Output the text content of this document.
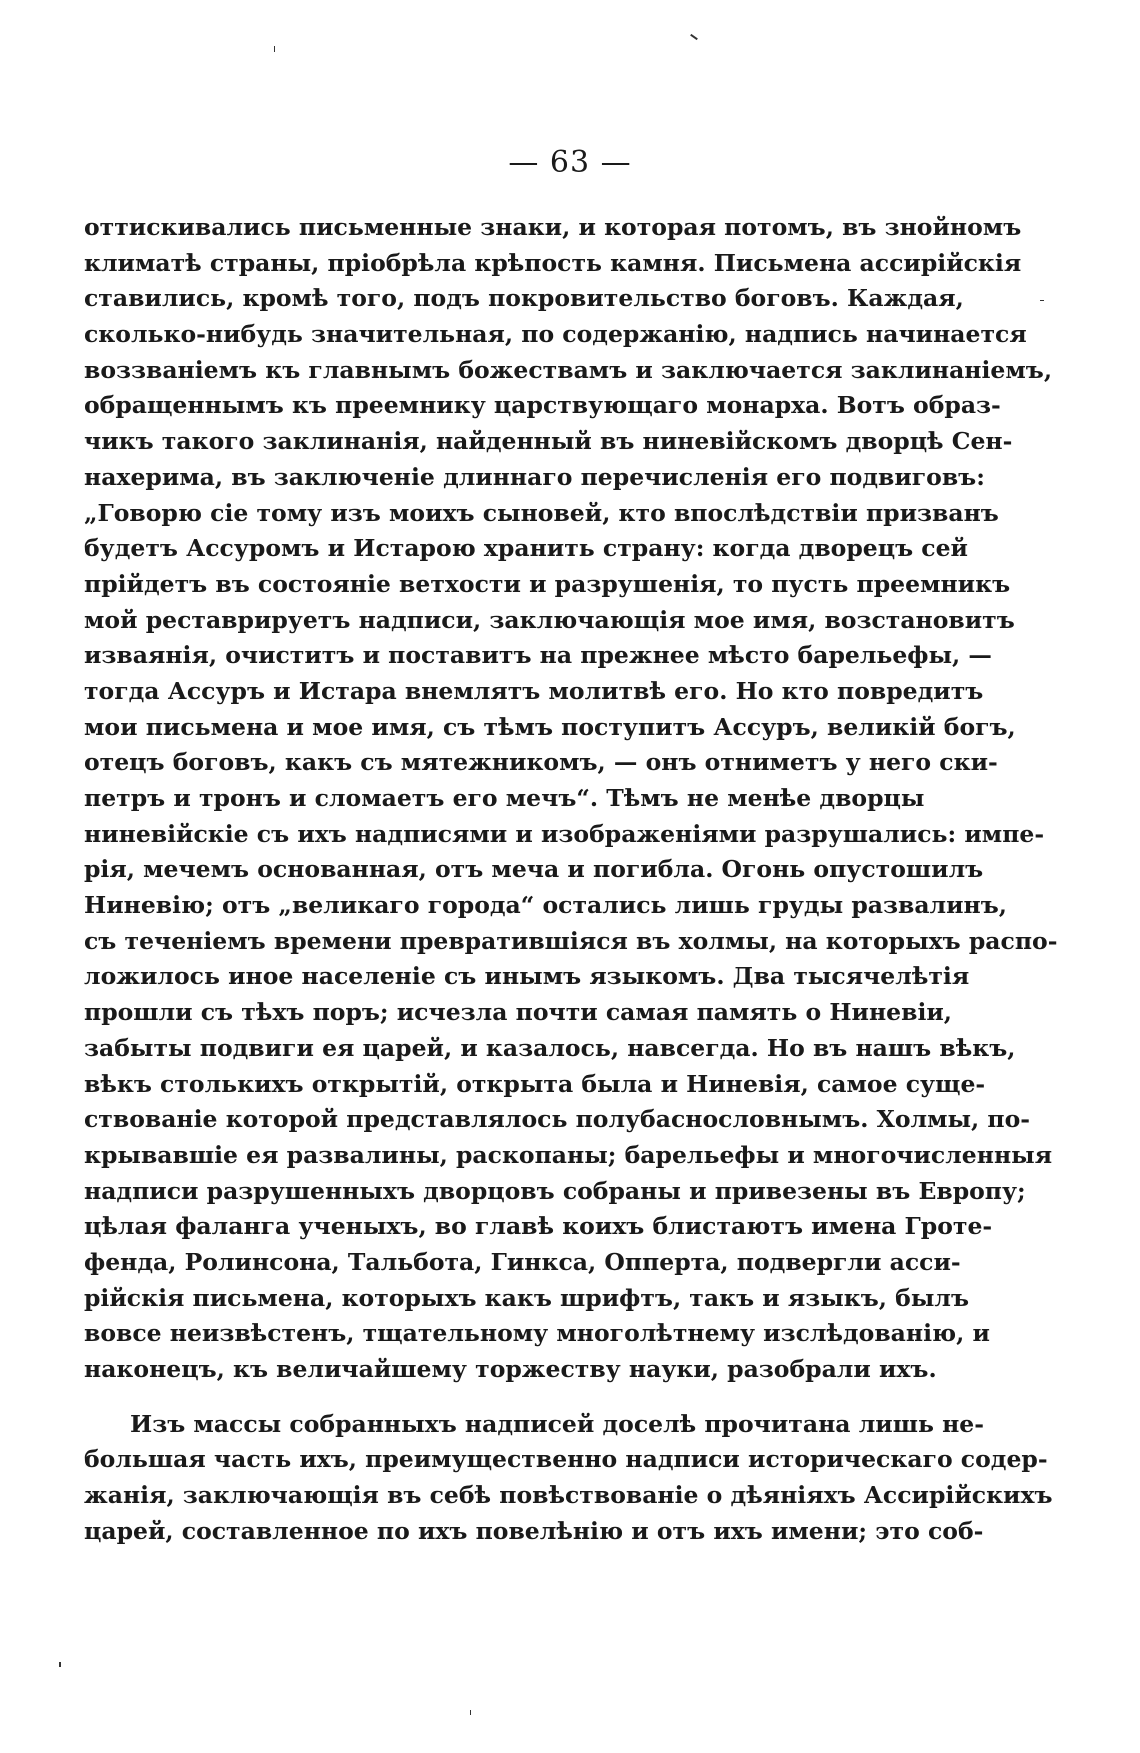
— 63 —
оттискивались письменные знаки, и которая потомъ, въ знойномъ
климатѣ страны, пріобрѣла крѣпость камня. Письмена ассирійскія
ставились, кромѣ того, подъ покровительство боговъ. Каждая,
сколько-нибудь значительная, по содержанію, надпись начинается
воззваніемъ къ главнымъ божествамъ и заключается заклинаніемъ,
обращеннымъ къ преемнику царствующаго монарха. Вотъ образ-
чикъ такого заклинанія, найденный въ ниневійскомъ дворцѣ Сен-
нахерима, въ заключеніе длиннаго перечисленія его подвиговъ:
„Говорю сіе тому изъ моихъ сыновей, кто впослѣдствіи призванъ
будетъ Ассуромъ и Истарою хранить страну: когда дворецъ сей
прійдетъ въ состояніе ветхости и разрушенія, то пусть преемникъ
мой реставрируетъ надписи, заключающія мое имя, возстановитъ
изваянія, очиститъ и поставитъ на прежнее мѣсто барельефы, —
тогда Ассуръ и Истара внемлятъ молитвѣ его. Но кто повредитъ
мои письмена и мое имя, съ тѣмъ поступитъ Ассуръ, великій богъ,
отецъ боговъ, какъ съ мятежникомъ, — онъ отниметъ у него ски-
петръ и тронъ и сломаетъ его мечъ“. Тѣмъ не менѣе дворцы
ниневійскіе съ ихъ надписями и изображеніями разрушались: импе-
рія, мечемъ основанная, отъ меча и погибла. Огонь опустошилъ
Ниневію; отъ „великаго города“ остались лишь груды развалинъ,
съ теченіемъ времени превратившіяся въ холмы, на которыхъ распо-
ложилось иное населеніе съ инымъ языкомъ. Два тысячелѣтія
прошли съ тѣхъ поръ; исчезла почти самая память о Ниневіи,
забыты подвиги ея царей, и казалось, навсегда. Но въ нашъ вѣкъ,
вѣкъ столькихъ открытій, открыта была и Ниневія, самое суще-
ствованіе которой представлялось полубаснословнымъ. Холмы, по-
крывавшіе ея развалины, раскопаны; барельефы и многочисленныя
надписи разрушенныхъ дворцовъ собраны и привезены въ Европу;
цѣлая фаланга ученыхъ, во главѣ коихъ блистаютъ имена Гроте-
фенда, Ролинсона, Тальбота, Гинкса, Опперта, подвергли асси-
рійскія письмена, которыхъ какъ шрифтъ, такъ и языкъ, былъ
вовсе неизвѣстенъ, тщательному многолѣтнему изслѣдованію, и
наконецъ, къ величайшему торжеству науки, разобрали ихъ.
Изъ массы собранныхъ надписей доселѣ прочитана лишь не-
большая часть ихъ, преимущественно надписи историческаго содер-
жанія, заключающія въ себѣ повѣствованіе о дѣяніяхъ Ассирійскихъ
царей, составленное по ихъ повелѣнію и отъ ихъ имени; это соб-
